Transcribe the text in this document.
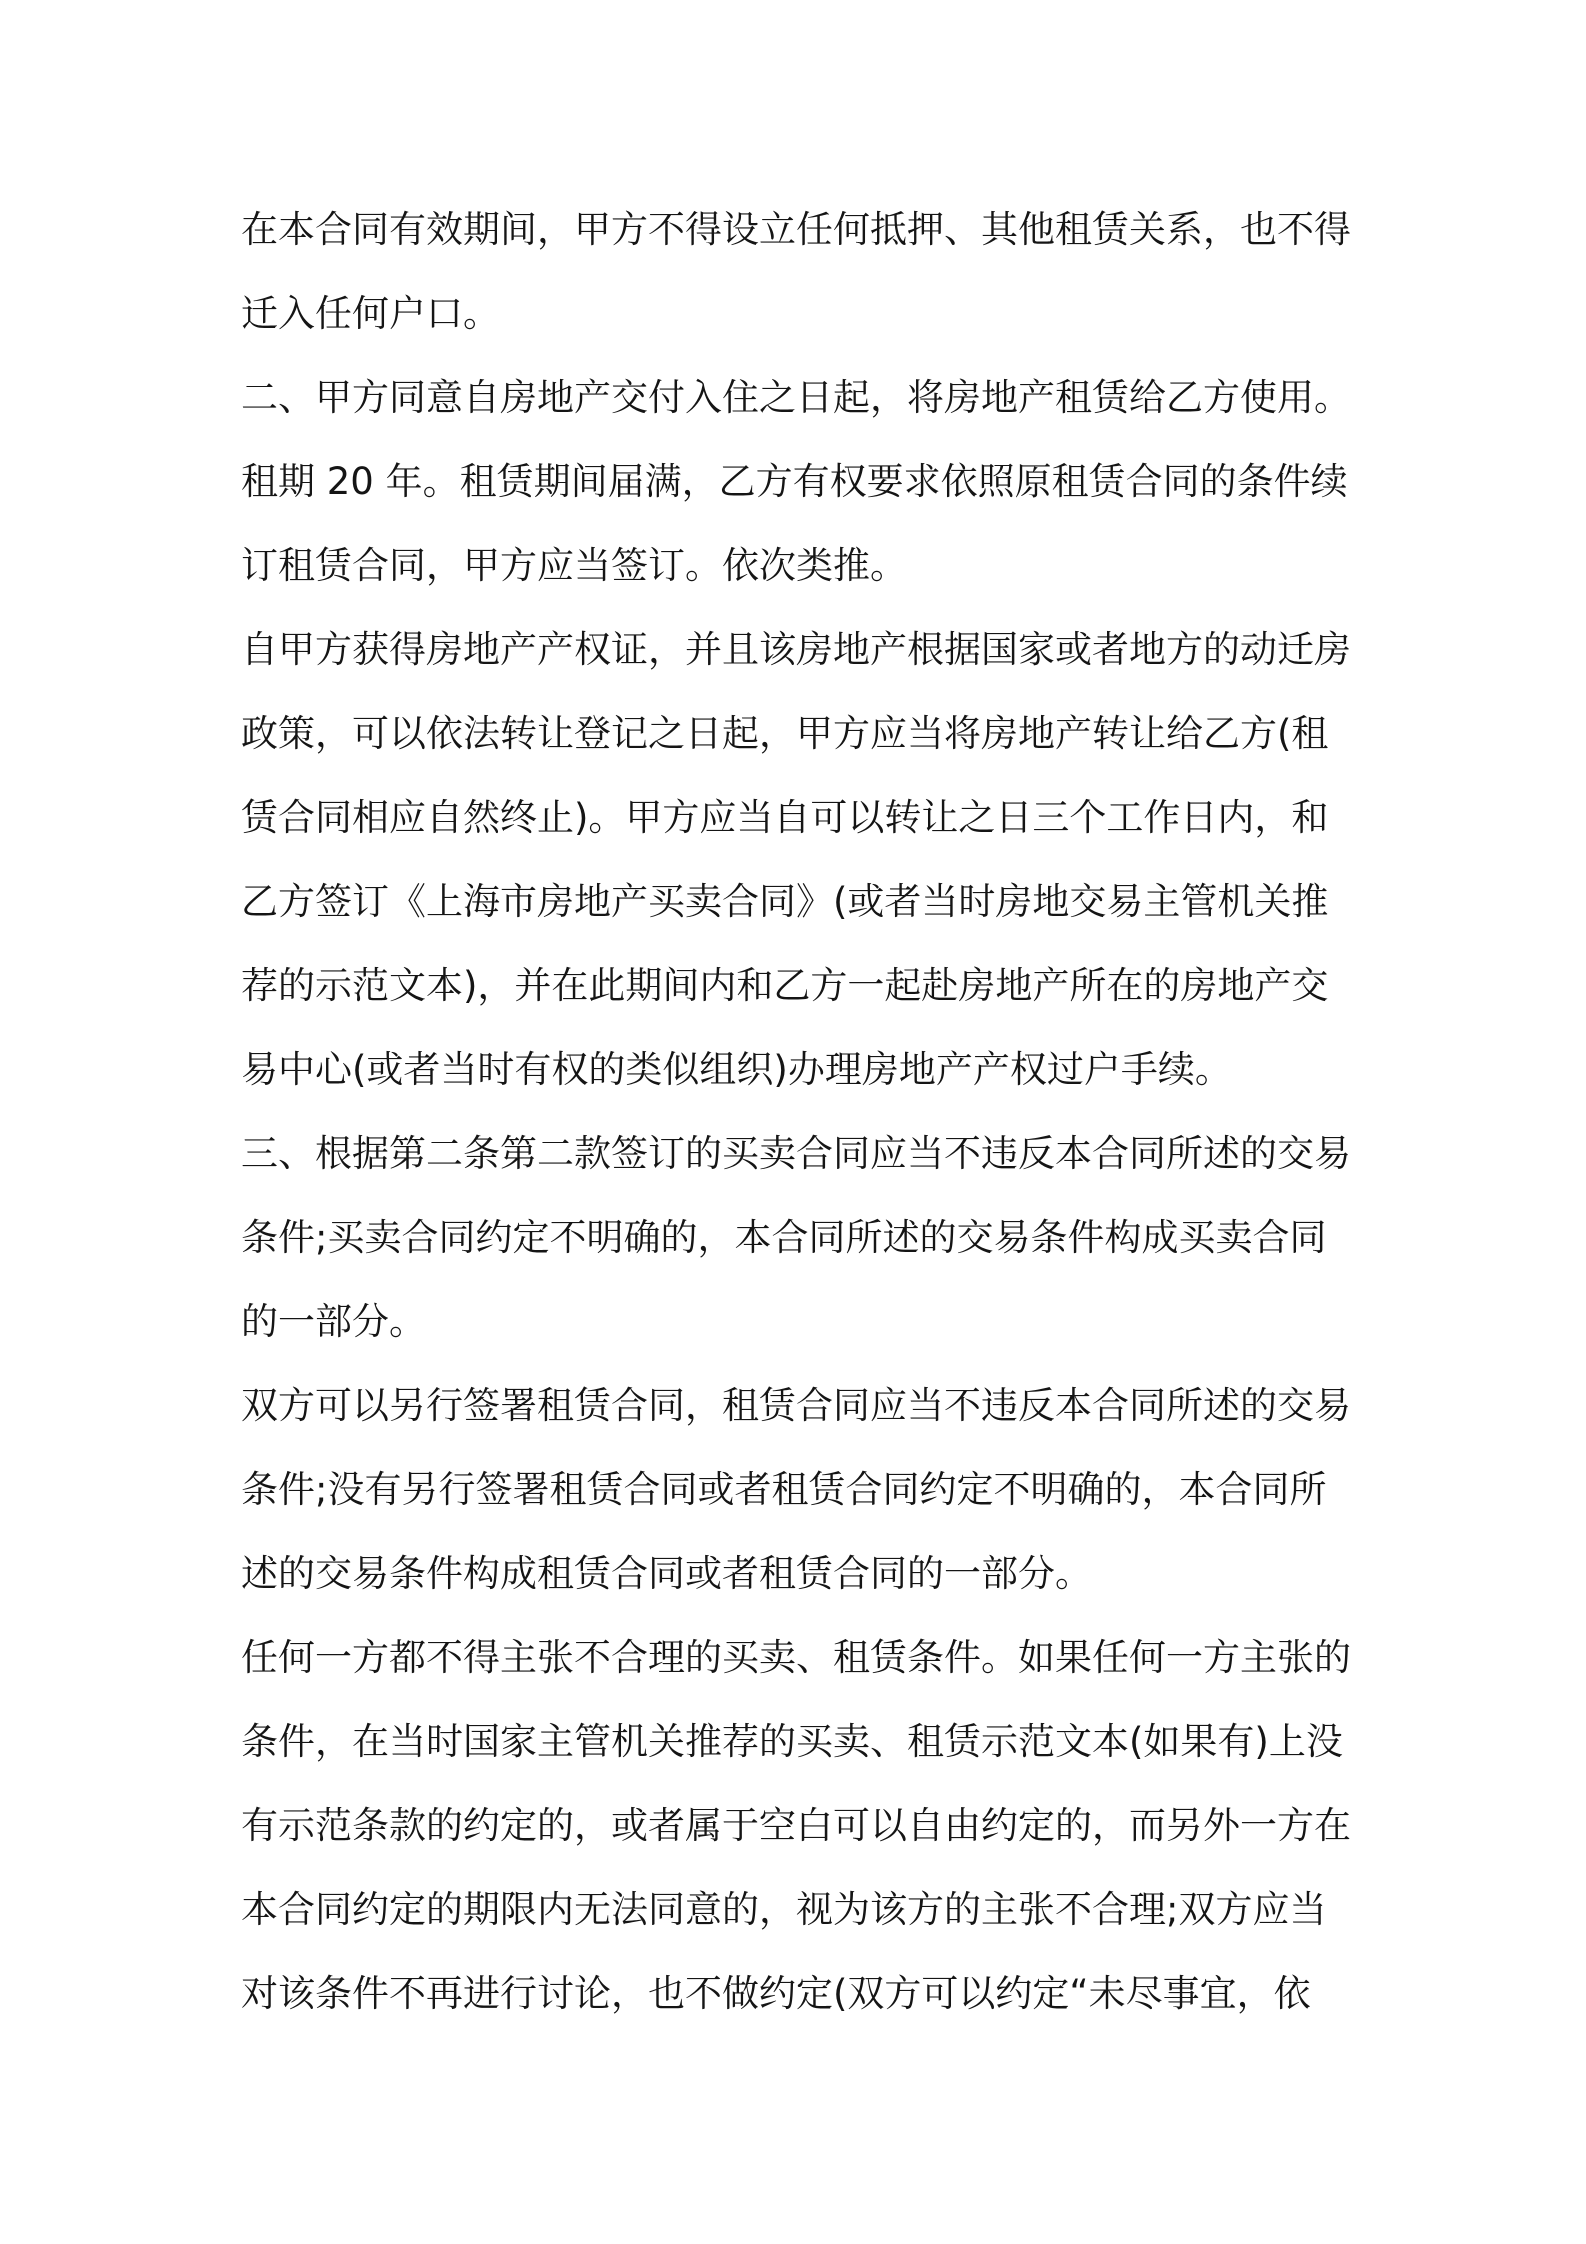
在本合同有效期间，甲方不得设立任何抵押、其他租赁关系，也不得
迁入任何户口。
二、甲方同意自房地产交付入住之日起，将房地产租赁给乙方使用。
租期 20 年。租赁期间届满，乙方有权要求依照原租赁合同的条件续
订租赁合同，甲方应当签订。依次类推。
自甲方获得房地产产权证，并且该房地产根据国家或者地方的动迁房
政策，可以依法转让登记之日起，甲方应当将房地产转让给乙方(租
赁合同相应自然终止)。甲方应当自可以转让之日三个工作日内，和
乙方签订《上海市房地产买卖合同》(或者当时房地交易主管机关推
荐的示范文本)，并在此期间内和乙方一起赴房地产所在的房地产交
易中心(或者当时有权的类似组织)办理房地产产权过户手续。
三、根据第二条第二款签订的买卖合同应当不违反本合同所述的交易
条件;买卖合同约定不明确的，本合同所述的交易条件构成买卖合同
的一部分。
双方可以另行签署租赁合同，租赁合同应当不违反本合同所述的交易
条件;没有另行签署租赁合同或者租赁合同约定不明确的，本合同所
述的交易条件构成租赁合同或者租赁合同的一部分。
任何一方都不得主张不合理的买卖、租赁条件。如果任何一方主张的
条件，在当时国家主管机关推荐的买卖、租赁示范文本(如果有)上没
有示范条款的约定的，或者属于空白可以自由约定的，而另外一方在
本合同约定的期限内无法同意的，视为该方的主张不合理;双方应当
对该条件不再进行讨论，也不做约定(双方可以约定“未尽事宜，依
